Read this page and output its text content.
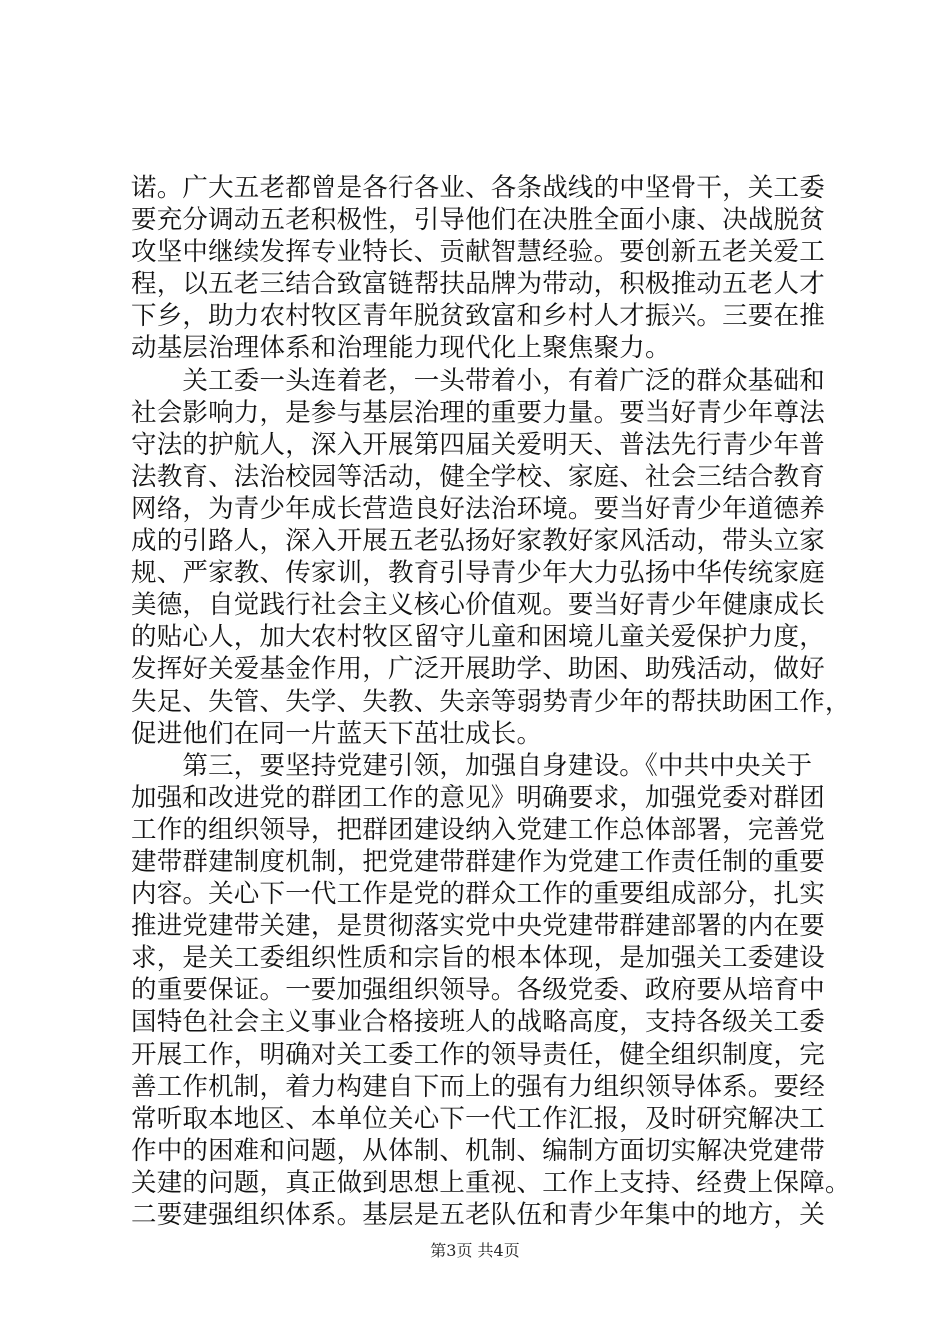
诺。广大五老都曾是各行各业、各条战线的中坚骨干，关工委
要充分调动五老积极性，引导他们在决胜全面小康、决战脱贫
攻坚中继续发挥专业特长、贡献智慧经验。要创新五老关爱工
程，以五老三结合致富链帮扶品牌为带动，积极推动五老人才
下乡，助力农村牧区青年脱贫致富和乡村人才振兴。三要在推
动基层治理体系和治理能力现代化上聚焦聚力。
　　关工委一头连着老，一头带着小，有着广泛的群众基础和
社会影响力，是参与基层治理的重要力量。要当好青少年尊法
守法的护航人，深入开展第四届关爱明天、普法先行青少年普
法教育、法治校园等活动，健全学校、家庭、社会三结合教育
网络，为青少年成长营造良好法治环境。要当好青少年道德养
成的引路人，深入开展五老弘扬好家教好家风活动，带头立家
规、严家教、传家训，教育引导青少年大力弘扬中华传统家庭
美德，自觉践行社会主义核心价值观。要当好青少年健康成长
的贴心人，加大农村牧区留守儿童和困境儿童关爱保护力度，
发挥好关爱基金作用，广泛开展助学、助困、助残活动，做好
失足、失管、失学、失教、失亲等弱势青少年的帮扶助困工作，
促进他们在同一片蓝天下茁壮成长。
　　第三，要坚持党建引领，加强自身建设。《中共中央关于
加强和改进党的群团工作的意见》明确要求，加强党委对群团
工作的组织领导，把群团建设纳入党建工作总体部署，完善党
建带群建制度机制，把党建带群建作为党建工作责任制的重要
内容。关心下一代工作是党的群众工作的重要组成部分，扎实
推进党建带关建，是贯彻落实党中央党建带群建部署的内在要
求，是关工委组织性质和宗旨的根本体现，是加强关工委建设
的重要保证。一要加强组织领导。各级党委、政府要从培育中
国特色社会主义事业合格接班人的战略高度，支持各级关工委
开展工作，明确对关工委工作的领导责任，健全组织制度，完
善工作机制，着力构建自下而上的强有力组织领导体系。要经
常听取本地区、本单位关心下一代工作汇报，及时研究解决工
作中的困难和问题，从体制、机制、编制方面切实解决党建带
关建的问题，真正做到思想上重视、工作上支持、经费上保障。
二要建强组织体系。基层是五老队伍和青少年集中的地方，关
第3页 共4页
